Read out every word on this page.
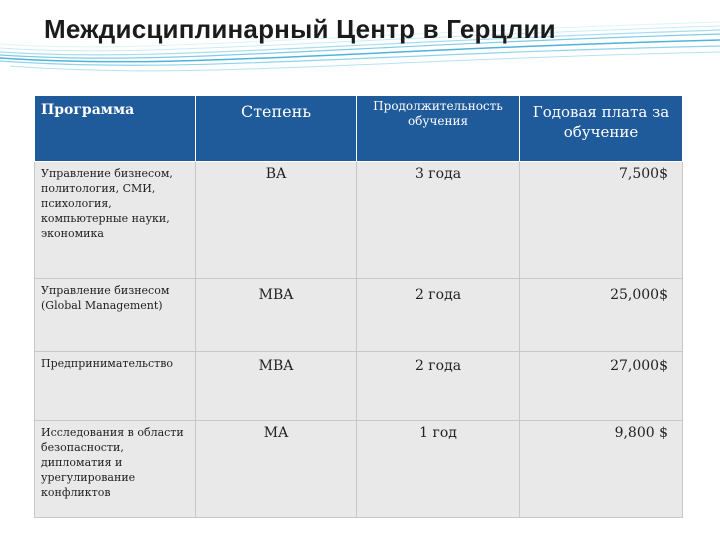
Междисциплинарный Центр в Герцлии
Программа	Степень	Продолжительность обучения	Годовая плата за обучение
Управление бизнесом, политология, СМИ, психология, компьютерные науки, экономика	BA	3 года	7,500$
Управление бизнесом (Global Management)	MBA	2 года	25,000$
Предпринимательство	MBA	2 года	27,000$
Исследования в области безопасности, дипломатия и урегулирование конфликтов	MA	1 год	9,800 $
